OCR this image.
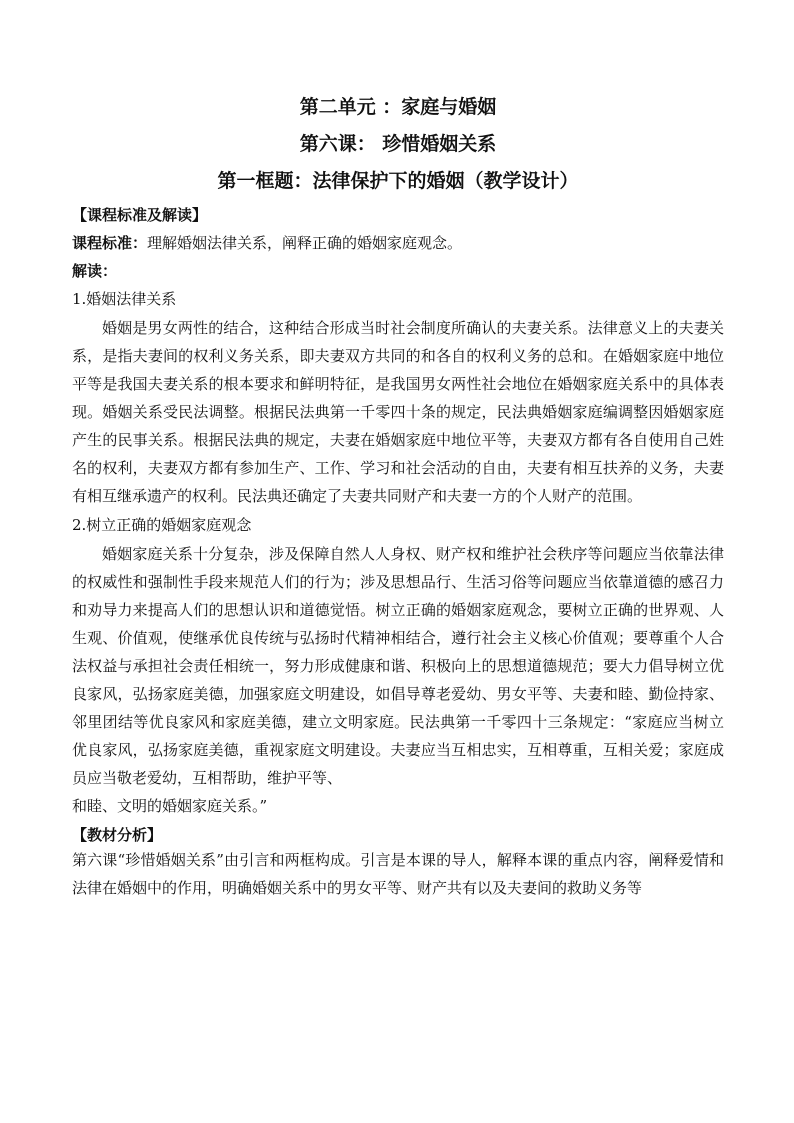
第二单元 ：家庭与婚姻

第六课： 珍惜婚姻关系

第一框题：法律保护下的婚姻（教学设计）

【课程标准及解读】

课程标准：理解婚姻法律关系，阐释正确的婚姻家庭观念。

解读：

1.婚姻法律关系

婚姻是男女两性的结合，这种结合形成当时社会制度所确认的夫妻关系。法律意义上的夫妻关系，是指夫妻间的权利义务关系，即夫妻双方共同的和各自的权利义务的总和。在婚姻家庭中地位平等是我国夫妻关系的根本要求和鲜明特征，是我国男女两性社会地位在婚姻家庭关系中的具体表现。婚姻关系受民法调整。根据民法典第一千零四十条的规定，民法典婚姻家庭编调整因婚姻家庭产生的民事关系。根据民法典的规定，夫妻在婚姻家庭中地位平等，夫妻双方都有各自使用自己姓名的权利，夫妻双方都有参加生产、工作、学习和社会活动的自由，夫妻有相互扶养的义务，夫妻有相互继承遗产的权利。民法典还确定了夫妻共同财产和夫妻一方的个人财产的范围。

2.树立正确的婚姻家庭观念

婚姻家庭关系十分复杂，涉及保障自然人人身权、财产权和维护社会秩序等问题应当依靠法律的权威性和强制性手段来规范人们的行为；涉及思想品行、生活习俗等问题应当依靠道德的感召力和劝导力来提高人们的思想认识和道德觉悟。树立正确的婚姻家庭观念，要树立正确的世界观、人生观、价值观，使继承优良传统与弘扬时代精神相结合，遵行社会主义核心价值观；要尊重个人合法权益与承担社会责任相统一，努力形成健康和谐、积极向上的思想道德规范；要大力倡导树立优良家风，弘扬家庭美德，加强家庭文明建设，如倡导尊老爱幼、男女平等、夫妻和睦、勤俭持家、邻里团结等优良家风和家庭美德，建立文明家庭。民法典第一千零四十三条规定：“家庭应当树立优良家风，弘扬家庭美德，重视家庭文明建设。夫妻应当互相忠实，互相尊重，互相关爱；家庭成员应当敬老爱幼，互相帮助，维护平等、

和睦、文明的婚姻家庭关系。”

【教材分析】

第六课“珍惜婚姻关系”由引言和两框构成。引言是本课的导人，解释本课的重点内容，阐释爱情和法律在婚姻中的作用，明确婚姻关系中的男女平等、财产共有以及夫妻间的救助义务等
